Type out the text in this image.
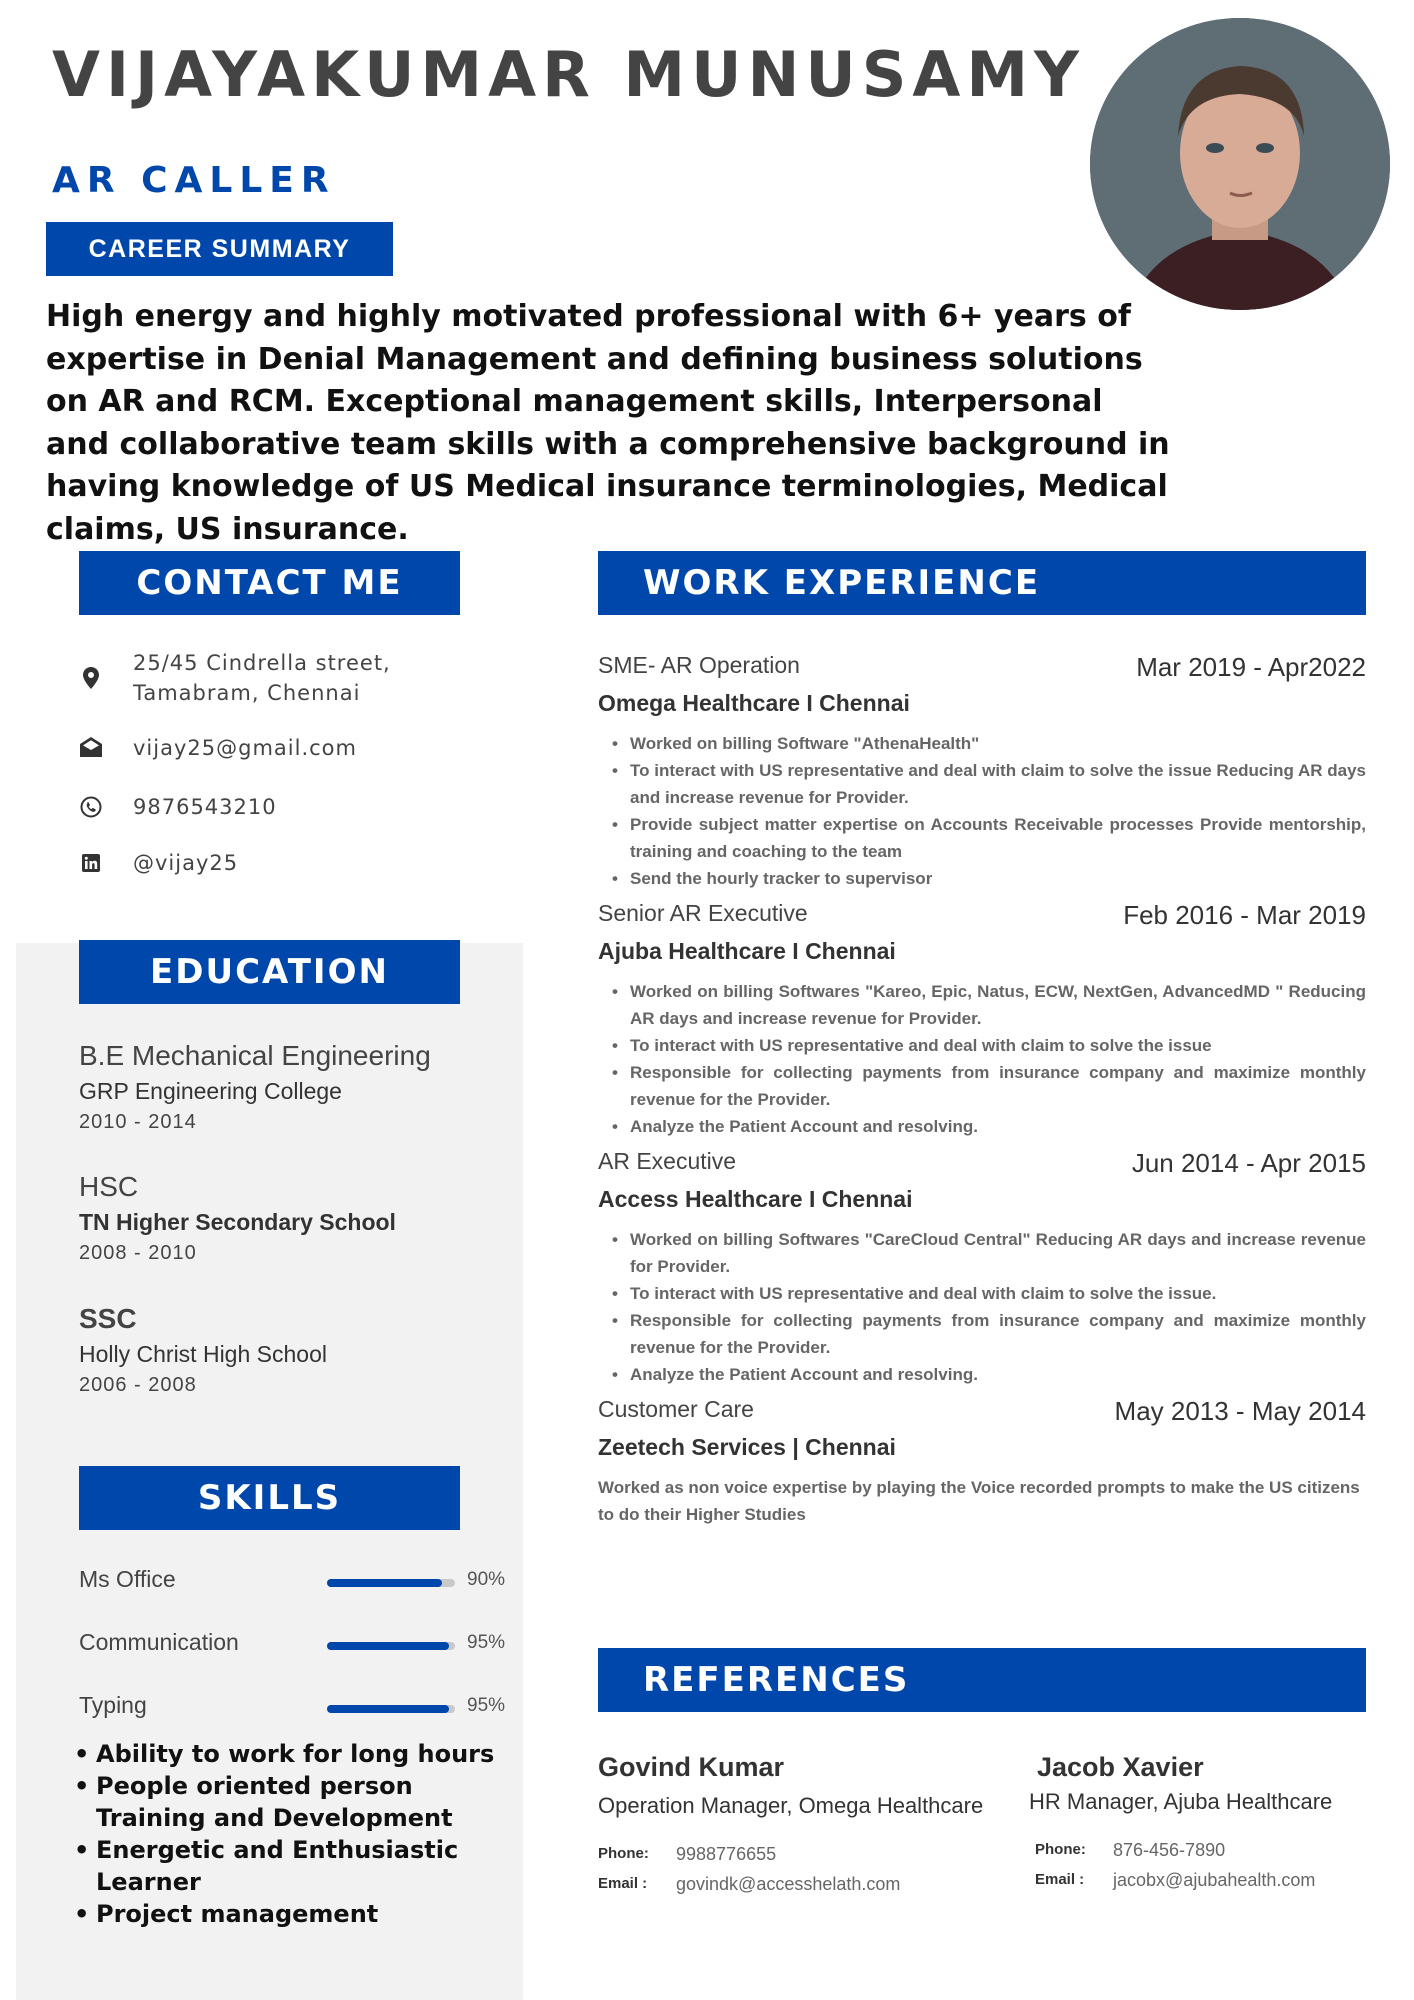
VIJAYAKUMAR MUNUSAMY
AR CALLER
CAREER SUMMARY
High energy and highly motivated professional with 6+ years of expertise in Denial Management and defining business solutions on AR and RCM. Exceptional management skills, Interpersonal and collaborative team skills with a comprehensive background in having knowledge of US Medical insurance terminologies, Medical claims, US insurance.
CONTACT ME
25/45 Cindrella street,
Tamabram, Chennai
vijay25@gmail.com
9876543210
@vijay25
EDUCATION
B.E Mechanical Engineering
GRP Engineering College
2010 - 2014
HSC
TN Higher Secondary School
2008 - 2010
SSC
Holly Christ High School
2006 - 2008
SKILLS
Ms Office	90%
Communication	95%
Typing	95%
• Ability to work for long hours
• People oriented person Training and Development
• Energetic and Enthusiastic Learner
• Project management
WORK EXPERIENCE
SME- AR Operation	Mar 2019 - Apr2022
Omega Healthcare I Chennai
• Worked on billing Software "AthenaHealth"
• To interact with US representative and deal with claim to solve the issue Reducing AR days and increase revenue for Provider.
• Provide subject matter expertise on Accounts Receivable processes Provide mentorship, training and coaching to the team
• Send the hourly tracker to supervisor
Senior AR Executive	Feb 2016 - Mar 2019
Ajuba Healthcare I Chennai
• Worked on billing Softwares "Kareo, Epic, Natus, ECW, NextGen, AdvancedMD " Reducing AR days and increase revenue for Provider.
• To interact with US representative and deal with claim to solve the issue
• Responsible for collecting payments from insurance company and maximize monthly revenue for the Provider.
• Analyze the Patient Account and resolving.
AR Executive	Jun 2014 - Apr 2015
Access Healthcare I Chennai
• Worked on billing Softwares "CareCloud Central" Reducing AR days and increase revenue for Provider.
• To interact with US representative and deal with claim to solve the issue.
• Responsible for collecting payments from insurance company and maximize monthly revenue for the Provider.
• Analyze the Patient Account and resolving.
Customer Care	May 2013 - May 2014
Zeetech Services | Chennai
Worked as non voice expertise by playing the Voice recorded prompts to make the US citizens to do their Higher Studies
REFERENCES
Govind Kumar
Operation Manager, Omega Healthcare
Phone:	9988776655
Email :	govindk@accesshelath.com
Jacob Xavier
HR Manager, Ajuba Healthcare
Phone:	876-456-7890
Email :	jacobx@ajubahealth.com
